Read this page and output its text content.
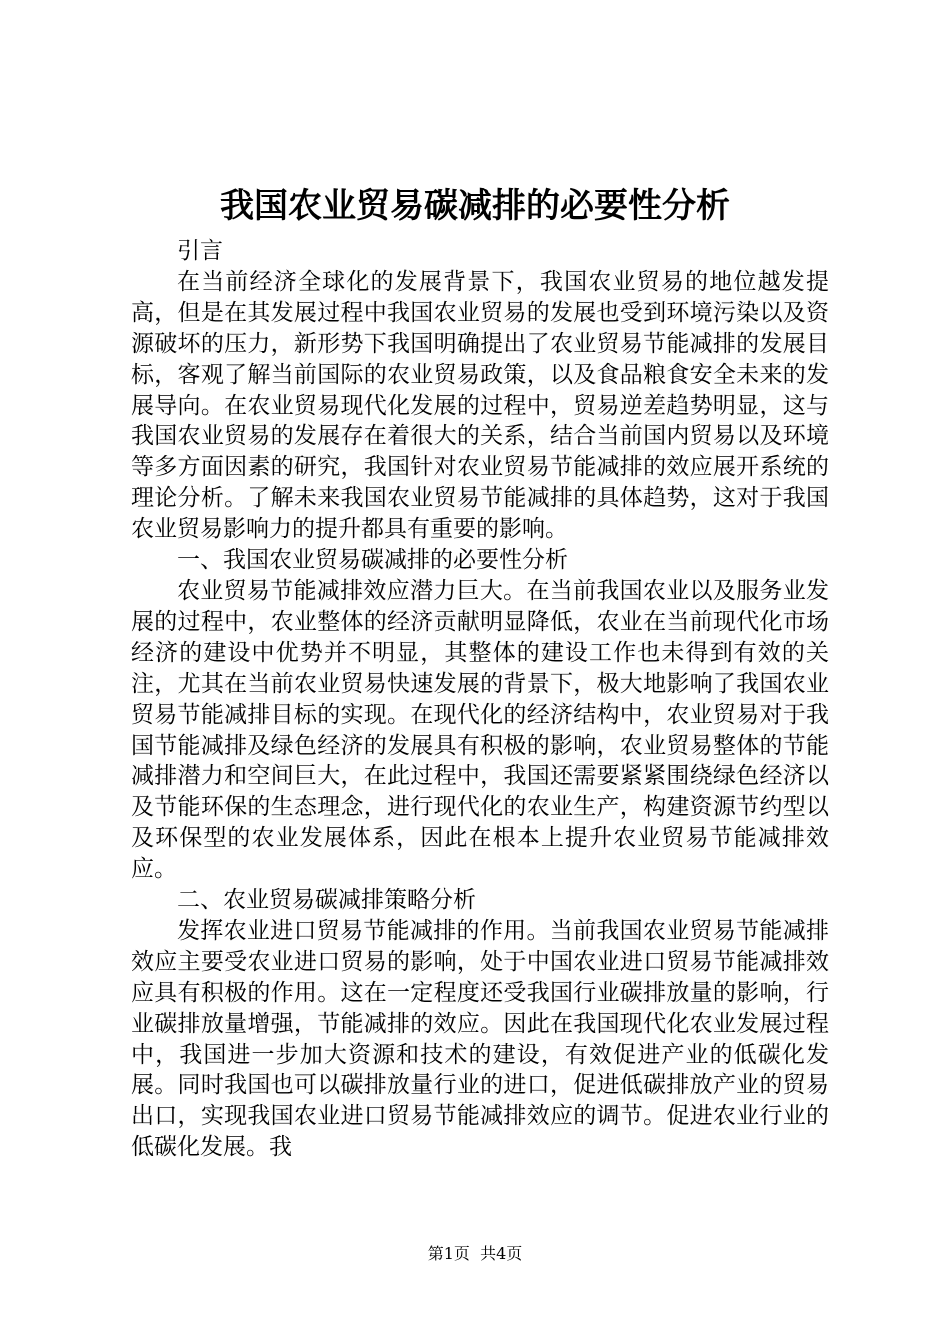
我国农业贸易碳减排的必要性分析

引言

在当前经济全球化的发展背景下，我国农业贸易的地位越发提高，但是在其发展过程中我国农业贸易的发展也受到环境污染以及资源破坏的压力，新形势下我国明确提出了农业贸易节能减排的发展目标，客观了解当前国际的农业贸易政策，以及食品粮食安全未来的发展导向。在农业贸易现代化发展的过程中，贸易逆差趋势明显，这与我国农业贸易的发展存在着很大的关系，结合当前国内贸易以及环境等多方面因素的研究，我国针对农业贸易节能减排的效应展开系统的理论分析。了解未来我国农业贸易节能减排的具体趋势，这对于我国农业贸易影响力的提升都具有重要的影响。

一、我国农业贸易碳减排的必要性分析

农业贸易节能减排效应潜力巨大。在当前我国农业以及服务业发展的过程中，农业整体的经济贡献明显降低，农业在当前现代化市场经济的建设中优势并不明显，其整体的建设工作也未得到有效的关注，尤其在当前农业贸易快速发展的背景下，极大地影响了我国农业贸易节能减排目标的实现。在现代化的经济结构中，农业贸易对于我国节能减排及绿色经济的发展具有积极的影响，农业贸易整体的节能减排潜力和空间巨大，在此过程中，我国还需要紧紧围绕绿色经济以及节能环保的生态理念，进行现代化的农业生产，构建资源节约型以及环保型的农业发展体系，因此在根本上提升农业贸易节能减排效应。

二、农业贸易碳减排策略分析

发挥农业进口贸易节能减排的作用。当前我国农业贸易节能减排效应主要受农业进口贸易的影响，处于中国农业进口贸易节能减排效应具有积极的作用。这在一定程度还受我国行业碳排放量的影响，行业碳排放量增强，节能减排的效应。因此在我国现代化农业发展过程中，我国进一步加大资源和技术的建设，有效促进产业的低碳化发展。同时我国也可以碳排放量行业的进口，促进低碳排放产业的贸易出口，实现我国农业进口贸易节能减排效应的调节。促进农业行业的低碳化发展。我

第1页 共4页
